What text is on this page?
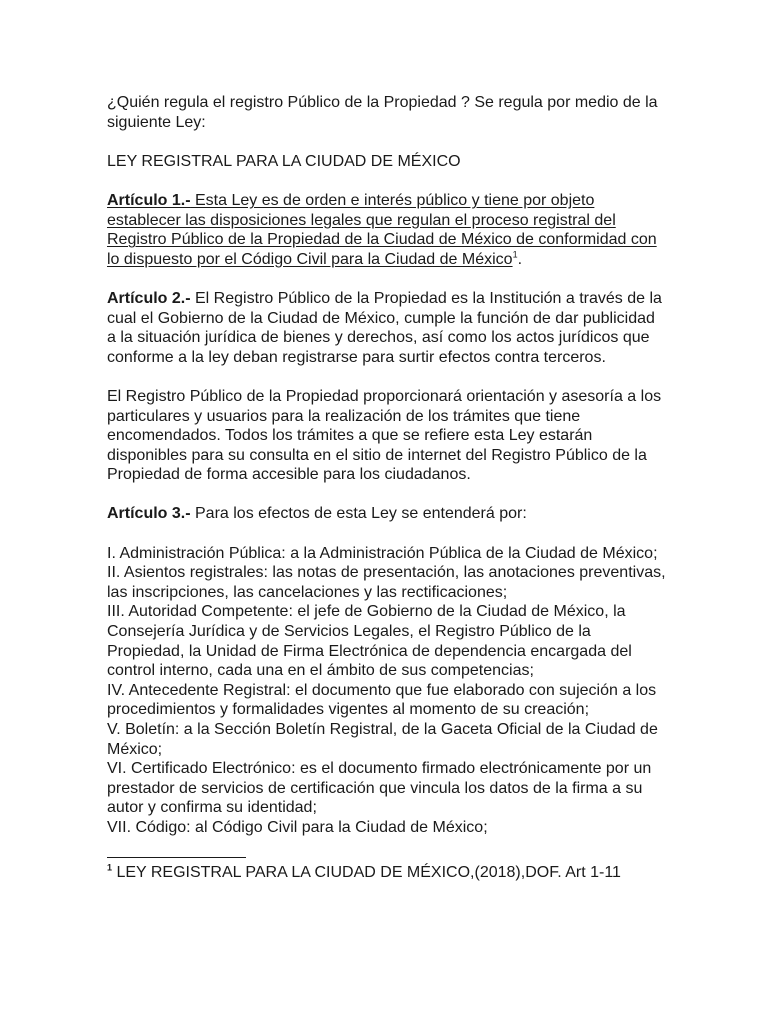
¿Quién regula el registro Público de la Propiedad ? Se regula por medio de la siguiente Ley:

LEY REGISTRAL PARA LA CIUDAD DE MÉXICO

Artículo 1.- Esta Ley es de orden e interés público y tiene por objeto establecer las disposiciones legales que regulan el proceso registral del Registro Público de la Propiedad de la Ciudad de México de conformidad con lo dispuesto por el Código Civil para la Ciudad de México$^1$.

Artículo 2.- El Registro Público de la Propiedad es la Institución a través de la cual el Gobierno de la Ciudad de México, cumple la función de dar publicidad a la situación jurídica de bienes y derechos, así como los actos jurídicos que conforme a la ley deban registrarse para surtir efectos contra terceros.

El Registro Público de la Propiedad proporcionará orientación y asesoría a los particulares y usuarios para la realización de los trámites que tiene encomendados. Todos los trámites a que se refiere esta Ley estarán disponibles para su consulta en el sitio de internet del Registro Público de la Propiedad de forma accesible para los ciudadanos.

Artículo 3.- Para los efectos de esta Ley se entenderá por:

I. Administración Pública: a la Administración Pública de la Ciudad de México;
II. Asientos registrales: las notas de presentación, las anotaciones preventivas, las inscripciones, las cancelaciones y las rectificaciones;
III. Autoridad Competente: el jefe de Gobierno de la Ciudad de México, la Consejería Jurídica y de Servicios Legales, el Registro Público de la Propiedad, la Unidad de Firma Electrónica de dependencia encargada del control interno, cada una en el ámbito de sus competencias;
IV. Antecedente Registral: el documento que fue elaborado con sujeción a los procedimientos y formalidades vigentes al momento de su creación;
V. Boletín: a la Sección Boletín Registral, de la Gaceta Oficial de la Ciudad de México;
VI. Certificado Electrónico: es el documento firmado electrónicamente por un prestador de servicios de certificación que vincula los datos de la firma a su autor y confirma su identidad;
VII. Código: al Código Civil para la Ciudad de México;
$^1$ LEY REGISTRAL PARA LA CIUDAD DE MÉXICO,(2018),DOF. Art 1-11
